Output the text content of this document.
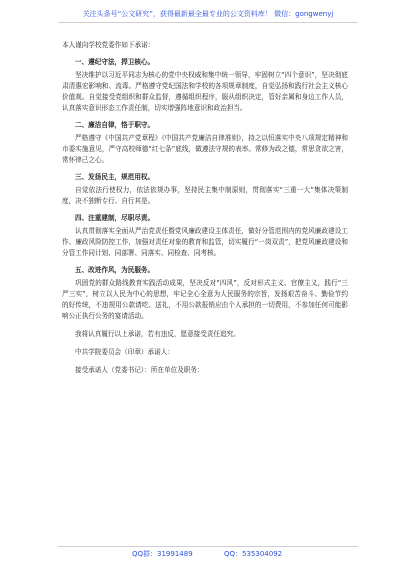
关注头条号“公文研究”，获得最新最全最专业的公文资料库！ 微信：gongwenyj

本人谨向学校党委作如下承诺：

一、遵纪守法，捍卫核心。

坚决维护以习近平同志为核心的党中央权威和集中统一领导，牢固树立“四个意识”，坚决彻底肃清惠宏影响和、流毒。严格遵守党纪国法和学校的各项规章制度，自觉弘扬和践行社会主义核心价值观。自觉接受党组织和群众监督，遵循组织程序，服从组织决定，管好亲属和身边工作人员，认真落实意识形态工作责任制，切实增强阵地意识和政治担当。

二、廉洁自律，恪于职守。

严格遵守《中国共产党章程》《中国共产党廉洁自律准则》，持之以恒落实中央八项规定精神和市委实施意见，严守高校师德“红七条”底线，做遵法守规的表率。常修为政之德，常思贪欲之害，常怀律己之心。

三、发扬民主，规范用权。

自觉依法行使权力，依法依规办事，坚持民主集中制原则，贯彻落实“三重一大”集体决策制度，决不独断专行、自行其是。

四、注重建制，尽职尽责。

认真贯彻落实全面从严治党责任暨党风廉政建设主体责任，做好分管范围内的党风廉政建设工作、廉政风险防控工作，加强对责任对象的教育和监管，切实履行“一岗双责”，把党风廉政建设和分管工作同计划、同部署、同落实、同检查、同考核。

五、改进作风，为民服务。

巩固党的群众路线教育实践活动成果，坚决反对“四风”，反对形式主义、官僚主义，践行“三严三实”，树立以人民为中心的思想，牢记全心全意为人民服务的宗旨，发扬艰苦奋斗、勤俭节约的好传统，不违规用公款请吃、送礼，不用公款报销应由个人承担的一切费用，不参加任何可能影响公正执行公务的宴请活动。

我将认真履行以上承诺，若有违反，愿意接受责任追究。

中共学院委员会（印章）承诺人：

接受承诺人（党委书记）：所在单位及职务：

QQ群：31991489	QQ：535304092
